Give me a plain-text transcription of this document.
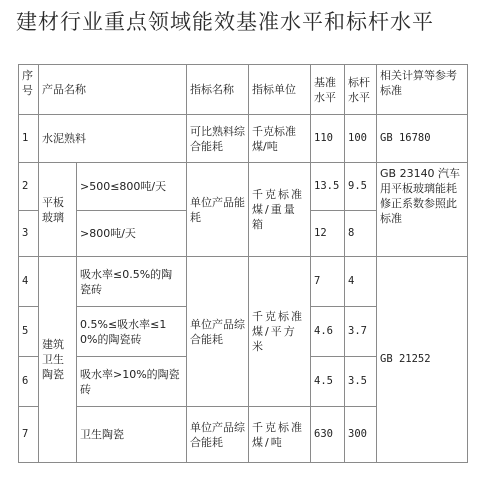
建材行业重点领域能效基准水平和标杆水平
序号	产品名称		指标名称	指标单位	基准水平	标杆水平	相关计算等参考标准
1	水泥熟料		可比熟料综合能耗	千克标准煤/吨	110	100	GB 16780
2	平板玻璃	>500≤800吨/天	单位产品能耗	千克标准煤/重量箱	13.5	9.5	GB 23140 汽车用平板玻璃能耗修正系数参照此标准
3		>800吨/天			12	8	
4	建筑卫生陶瓷	吸水率≤0.5%的陶瓷砖	单位产品综合能耗	千克标准煤/平方米	7	4	GB 21252
5		0.5%≤吸水率≤10%的陶瓷砖			4.6	3.7	
6		吸水率>10%的陶瓷砖			4.5	3.5	
7		卫生陶瓷	单位产品综合能耗	千克标准煤/吨	630	300	
